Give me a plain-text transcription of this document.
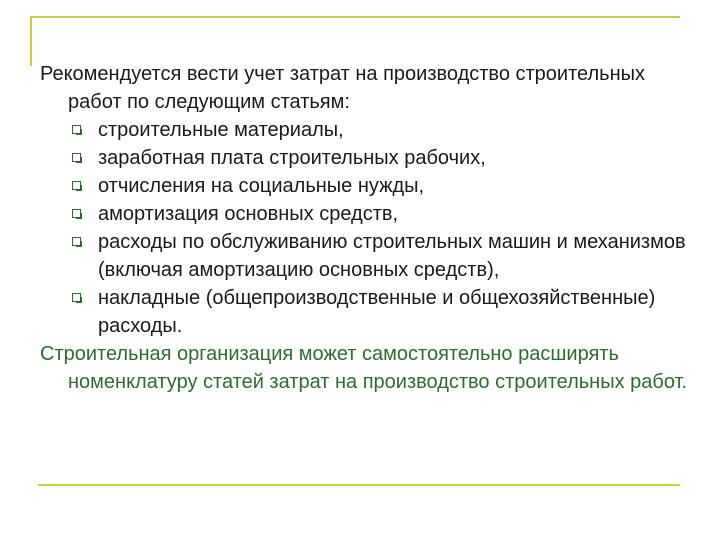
Рекомендуется вести учет затрат на производство строительных работ по следующим статьям:

строительные материалы,
заработная плата строительных рабочих,
отчисления на социальные нужды,
амортизация основных средств,
расходы по обслуживанию строительных машин и механизмов (включая амортизацию основных средств),
накладные (общепроизводственные и общехозяйственные) расходы.

Строительная организация может самостоятельно расширять номенклатуру статей затрат на производство строительных работ.
